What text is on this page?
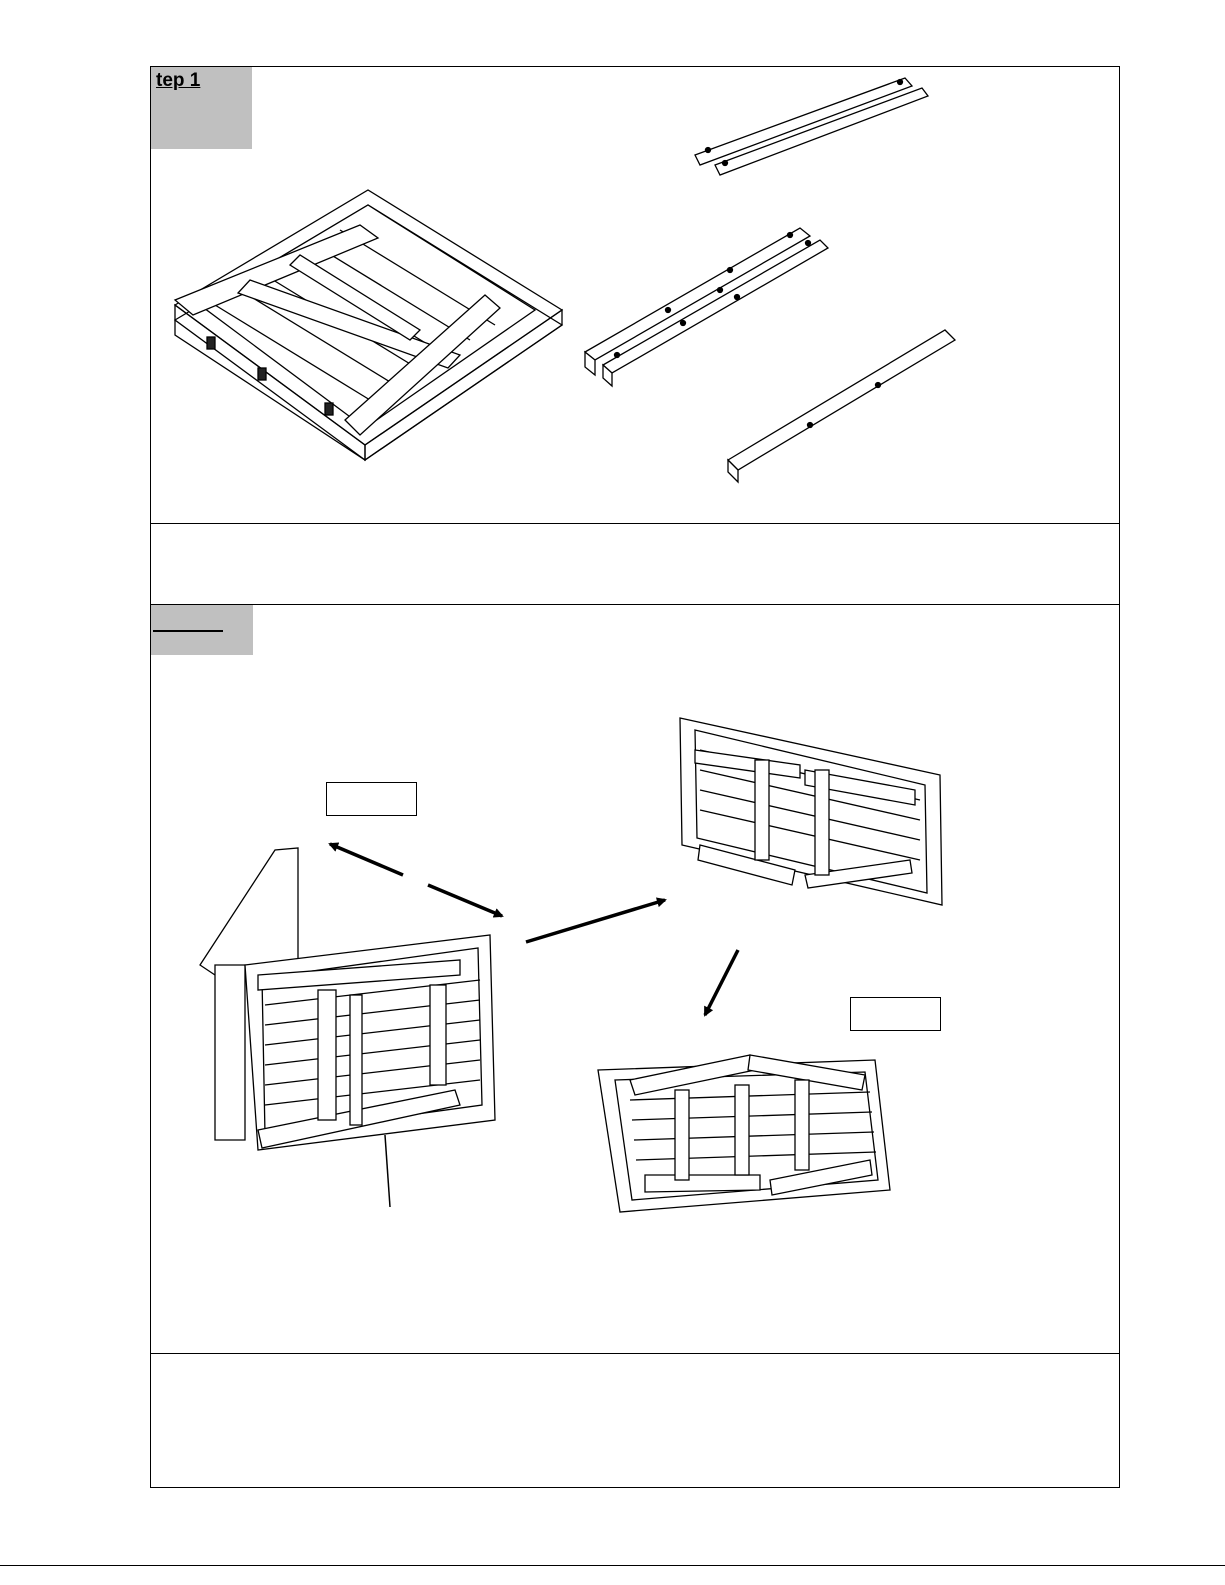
tep 1
